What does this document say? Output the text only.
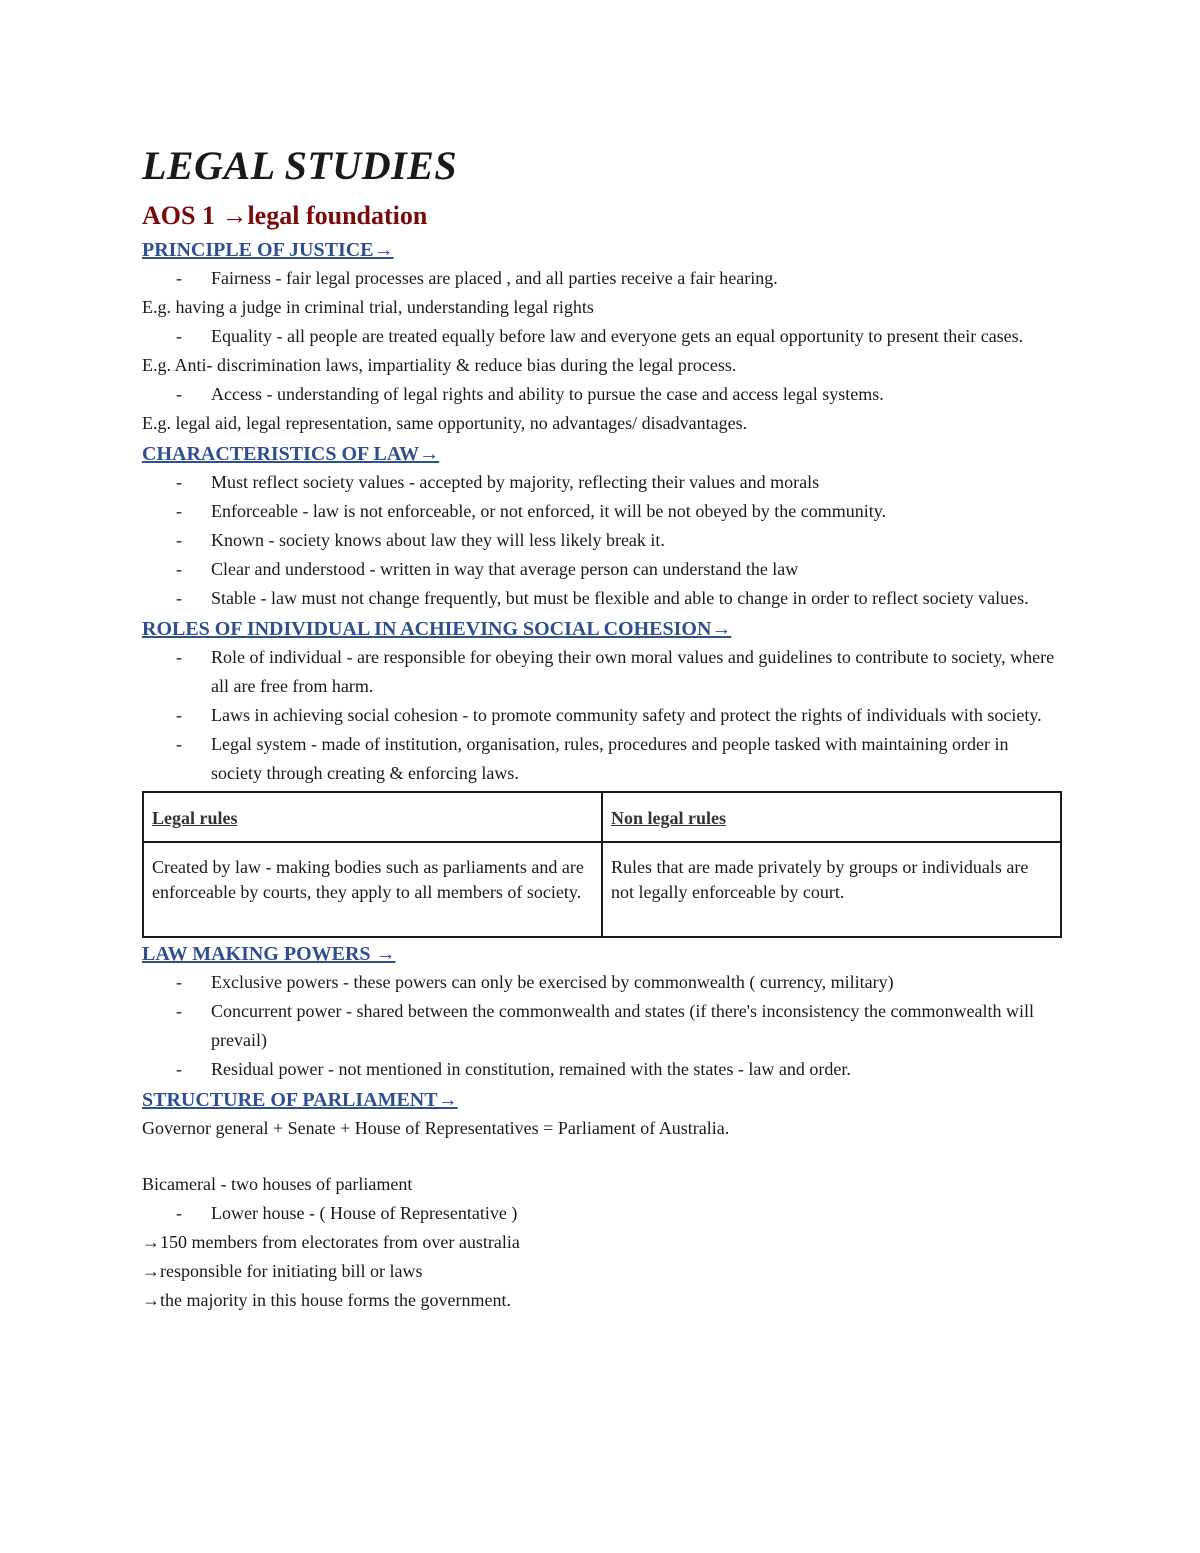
LEGAL STUDIES
AOS 1 →legal foundation
PRINCIPLE OF JUSTICE→
- Fairness - fair legal processes are placed , and all parties receive a fair hearing.

E.g. having a judge in criminal trial, understanding legal rights

- Equality - all people are treated equally before law and everyone gets an equal opportunity to present their cases.

E.g. Anti- discrimination laws, impartiality & reduce bias during the legal process.

- Access - understanding of legal rights and ability to pursue the case and access legal systems.

E.g. legal aid, legal representation, same opportunity, no advantages/ disadvantages.

CHARACTERISTICS OF LAW→
- Must reflect society values - accepted by majority, reflecting their values and morals
- Enforceable - law is not enforceable, or not enforced, it will be not obeyed by the community.
- Known - society knows about law they will less likely break it.
- Clear and understood - written in way that average person can understand the law
- Stable - law must not change frequently, but must be flexible and able to change in order to reflect society values.
ROLES OF INDIVIDUAL IN ACHIEVING SOCIAL COHESION→
- Role of individual - are responsible for obeying their own moral values and guidelines to contribute to society, where all are free from harm.
- Laws in achieving social cohesion - to promote community safety and protect the rights of individuals with society.
- Legal system - made of institution, organisation, rules, procedures and people tasked with maintaining order in society through creating & enforcing laws.
Legal rules	Non legal rules
Created by law - making bodies such as parliaments and are enforceable by courts, they apply to all members of society.	Rules that are made privately by groups or individuals are not legally enforceable by court.
LAW MAKING POWERS →
- Exclusive powers - these powers can only be exercised by commonwealth ( currency, military)
- Concurrent power - shared between the commonwealth and states (if there's inconsistency the commonwealth will prevail)
- Residual power - not mentioned in constitution, remained with the states - law and order.
STRUCTURE OF PARLIAMENT→

Governor general + Senate + House of Representatives = Parliament of Australia.

Bicameral - two houses of parliament

- Lower house - ( House of Representative )

→150 members from electorates from over australia

→responsible for initiating bill or laws

→the majority in this house forms the government.
